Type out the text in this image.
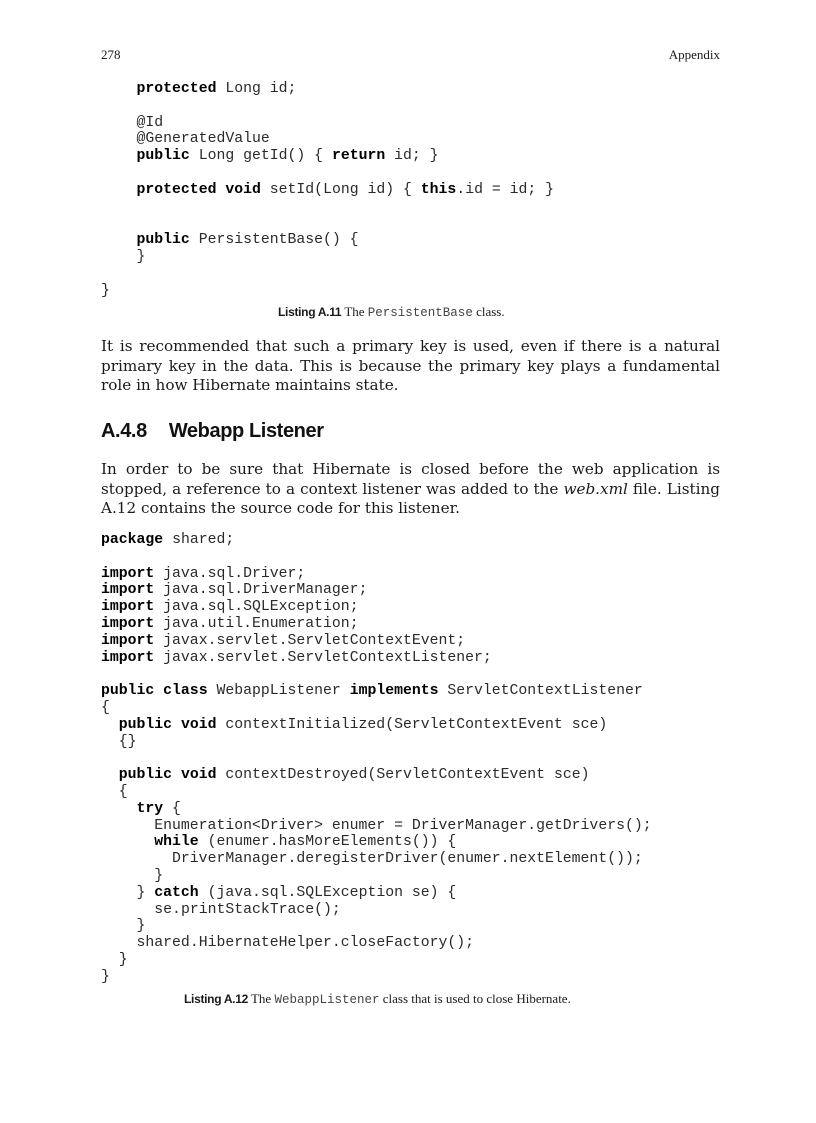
278	Appendix
protected Long id;
@Id
@GeneratedValue
public Long getId() { return id; }
protected void setId(Long id) { this.id = id; }
public PersistentBase() {
}
}
Listing A.11 The PersistentBase class.

It is recommended that such a primary key is used, even if there is a natural primary key in the data. This is because the primary key plays a fundamental role in how Hibernate maintains state.

A.4.8 Webapp Listener

In order to be sure that Hibernate is closed before the web application is stopped, a reference to a context listener was added to the web.xml file. Listing A.12 contains the source code for this listener.

package shared;
import java.sql.Driver;
import java.sql.DriverManager;
import java.sql.SQLException;
import java.util.Enumeration;
import javax.servlet.ServletContextEvent;
import javax.servlet.ServletContextListener;
public class WebappListener implements ServletContextListener
{
public void contextInitialized(ServletContextEvent sce)
{}
public void contextDestroyed(ServletContextEvent sce)
{
try {
Enumeration<Driver> enumer = DriverManager.getDrivers();
while (enumer.hasMoreElements()) {
DriverManager.deregisterDriver(enumer.nextElement());
}
} catch (java.sql.SQLException se) {
se.printStackTrace();
}
shared.HibernateHelper.closeFactory();
}
}
Listing A.12 The WebappListener class that is used to close Hibernate.
